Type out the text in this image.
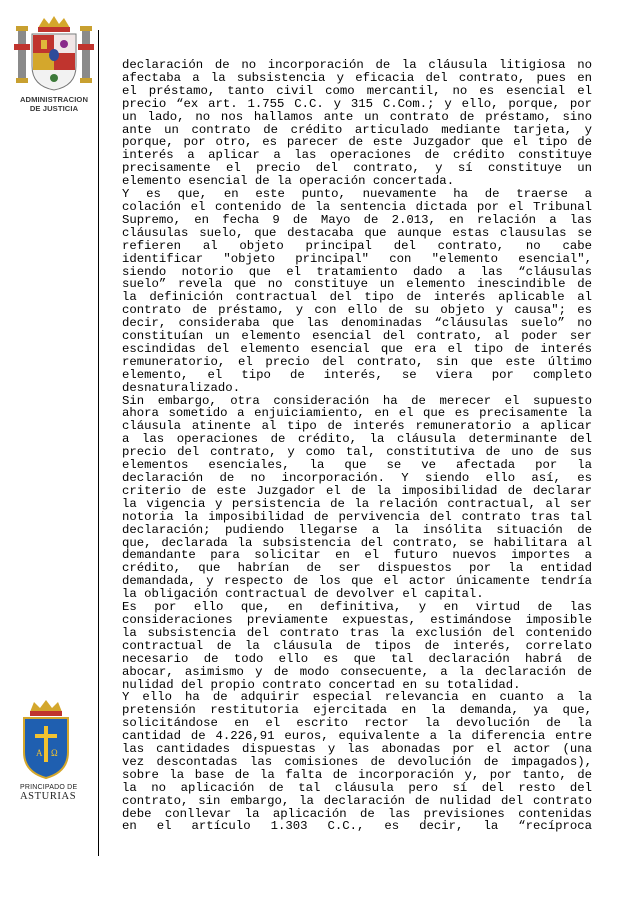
ADMINISTRACION
DE JUSTICIA

declaración de no incorporación de la cláusula litigiosa no

afectaba a la subsistencia y eficacia del contrato, pues en

el préstamo, tanto civil como mercantil, no es esencial el

precio “ex art. 1.755 C.C. y 315 C.Com.; y ello, porque, por

un lado, no nos hallamos ante un contrato de préstamo, sino

ante un contrato de crédito articulado mediante tarjeta, y

porque, por otro, es parecer de este Juzgador que el tipo de

interés a aplicar a las operaciones de crédito constituye

precisamente el precio del contrato, y sí constituye un

elemento esencial de la operación concertada.

Y es que, en este punto, nuevamente ha de traerse a

colación el contenido de la sentencia dictada por el Tribunal

Supremo, en fecha 9 de Mayo de 2.013, en relación a las

cláusulas suelo, que destacaba que aunque estas clausulas se

refieren al objeto principal del contrato, no cabe

identificar "objeto principal" con "elemento esencial",

siendo notorio que el tratamiento dado a las “cláusulas

suelo” revela que no constituye un elemento inescindible de

la definición contractual del tipo de interés aplicable al

contrato de préstamo, y con ello de su objeto y causa"; es

decir, consideraba que las denominadas “cláusulas suelo” no

constituían un elemento esencial del contrato, al poder ser

escindidas del elemento esencial que era el tipo de interés

remuneratorio, el precio del contrato, sin que este último

elemento, el tipo de interés, se viera por completo

desnaturalizado.

Sin embargo, otra consideración ha de merecer el supuesto

ahora sometido a enjuiciamiento, en el que es precisamente la

cláusula atinente al tipo de interés remuneratorio a aplicar

a las operaciones de crédito, la cláusula determinante del

precio del contrato, y como tal, constitutiva de uno de sus

elementos esenciales, la que se ve afectada por la

declaración de no incorporación. Y siendo ello así, es

criterio de este Juzgador el de la imposibilidad de declarar

la vigencia y persistencia de la relación contractual, al ser

notoria la imposibilidad de pervivencia del contrato tras tal

declaración; pudiendo llegarse a la insólita situación de

que, declarada la subsistencia del contrato, se habilitara al

demandante para solicitar en el futuro nuevos importes a

crédito, que habrían de ser dispuestos por la entidad

demandada, y respecto de los que el actor únicamente tendría

la obligación contractual de devolver el capital.

Es por ello que, en definitiva, y en virtud de las

consideraciones previamente expuestas, estimándose imposible

la subsistencia del contrato tras la exclusión del contenido

contractual de la cláusula de tipos de interés, correlato

necesario de todo ello es que tal declaración habrá de

abocar, asimismo y de modo consecuente, a la declaración de

nulidad del propio contrato concertad en su totalidad.

Y ello ha de adquirir especial relevancia en cuanto a la

pretensión restitutoria ejercitada en la demanda, ya que,

solicitándose en el escrito rector la devolución de la

cantidad de 4.226,91 euros, equivalente a la diferencia entre

las cantidades dispuestas y las abonadas por el actor (una

vez descontadas las comisiones de devolución de impagados),

sobre la base de la falta de incorporación y, por tanto, de

la no aplicación de tal cláusula pero sí del resto del

contrato, sin embargo, la declaración de nulidad del contrato

debe conllevar la aplicación de las previsiones contenidas

en el artículo 1.303 C.C., es decir, la “recíproca

A Ω
PRINCIPADO DE
ASTURIAS
